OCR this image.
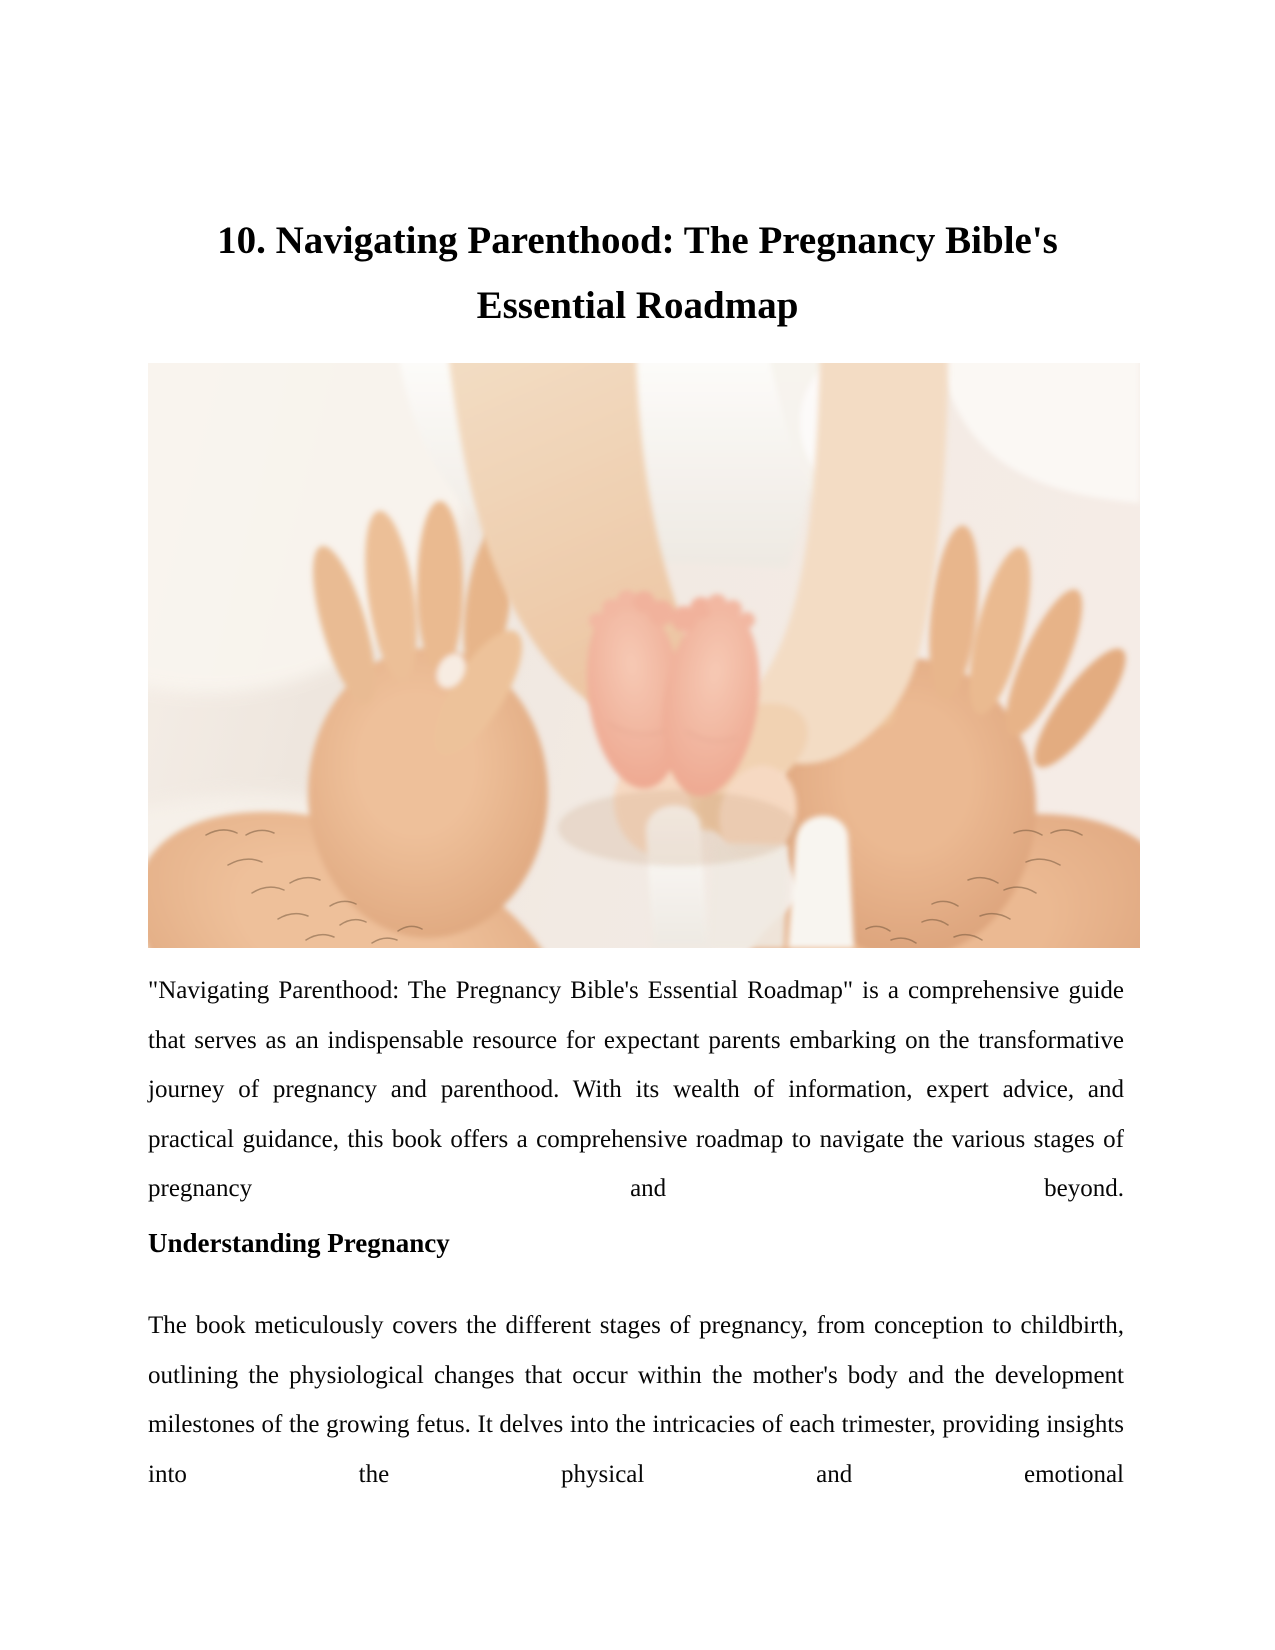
10. Navigating Parenthood: The Pregnancy Bible's
Essential Roadmap

"Navigating Parenthood: The Pregnancy Bible's Essential Roadmap" is a comprehensive guide that serves as an indispensable resource for expectant parents embarking on the transformative journey of pregnancy and parenthood. With its wealth of information, expert advice, and practical guidance, this book offers a comprehensive roadmap to navigate the various stages of pregnancy and beyond.

Understanding Pregnancy

The book meticulously covers the different stages of pregnancy, from conception to childbirth, outlining the physiological changes that occur within the mother's body and the development milestones of the growing fetus. It delves into the intricacies of each trimester, providing insights into the physical and emotional
